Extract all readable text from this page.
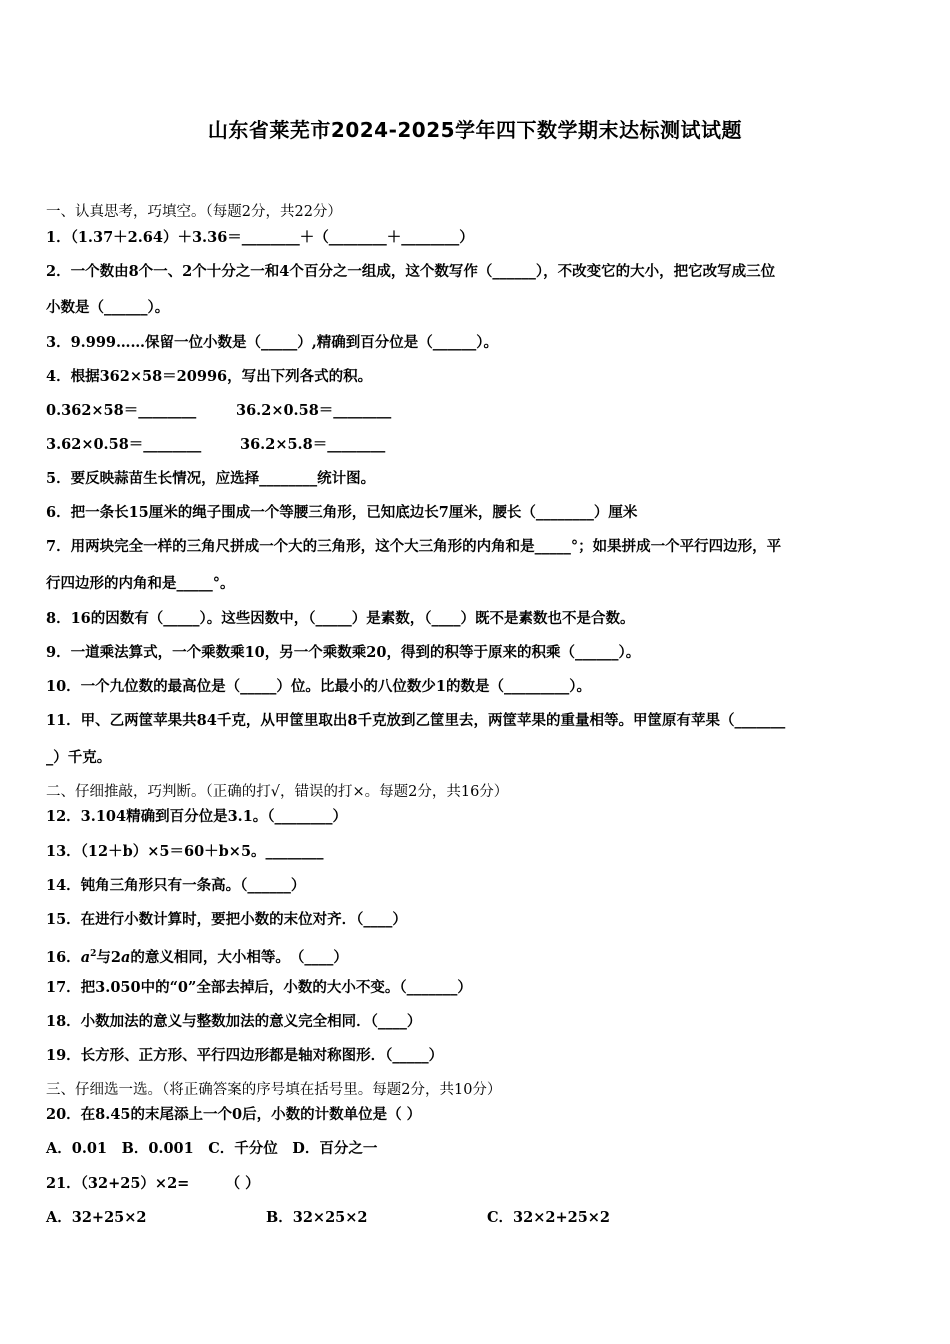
山东省莱芜市2024-2025学年四下数学期末达标测试试题
一、认真思考，巧填空。（每题2分，共22分）
1．（1.37＋2.64）＋3.36＝________＋（________＋________）
2．一个数由8个一、2个十分之一和4个百分之一组成，这个数写作（______），不改变它的大小，把它改写成三位
小数是（______）。
3．9.999……保留一位小数是（_____）,精确到百分位是（______）。
4．根据362×58＝20996，写出下列各式的积。
0.362×58＝________	36.2×0.58＝________
3.62×0.58＝________	36.2×5.8＝________
5．要反映蒜苗生长情况，应选择________统计图。
6．把一条长15厘米的绳子围成一个等腰三角形，已知底边长7厘米，腰长（________）厘米
7．用两块完全一样的三角尺拼成一个大的三角形，这个大三角形的内角和是_____°；如果拼成一个平行四边形，平
行四边形的内角和是_____°。
8．16的因数有（_____）。这些因数中，（_____）是素数，（____）既不是素数也不是合数。
9．一道乘法算式，一个乘数乘10，另一个乘数乘20，得到的积等于原来的积乘（______）。
10．一个九位数的最高位是（_____）位。比最小的八位数少1的数是（_________）。
11．甲、乙两筐苹果共84千克，从甲筐里取出8千克放到乙筐里去，两筐苹果的重量相等。甲筐原有苹果（_______
_）千克。
二、仔细推敲，巧判断。（正确的打√，错误的打×。每题2分，共16分）
12．3.104精确到百分位是3.1。（________）
13．（12＋b）×5＝60＋b×5。________
14．钝角三角形只有一条高。（______）
15．在进行小数计算时，要把小数的末位对齐．（____）
16．$a^2$与2a的意义相同，大小相等。　（____）
17．把3.050中的“0”全部去掉后，小数的大小不变。（_______）
18．小数加法的意义与整数加法的意义完全相同．（____）
19．长方形、正方形、平行四边形都是轴对称图形．（_____）
三、仔细选一选。（将正确答案的序号填在括号里。每题2分，共10分）
20．在8.45的末尾添上一个0后，小数的计数单位是（ ）
A．0.01　B．0.001　C．千分位　D．百分之一
21．（32+25）×2=　　　（ ）
A．32+25×2	B．32×25×2	C．32×2+25×2
